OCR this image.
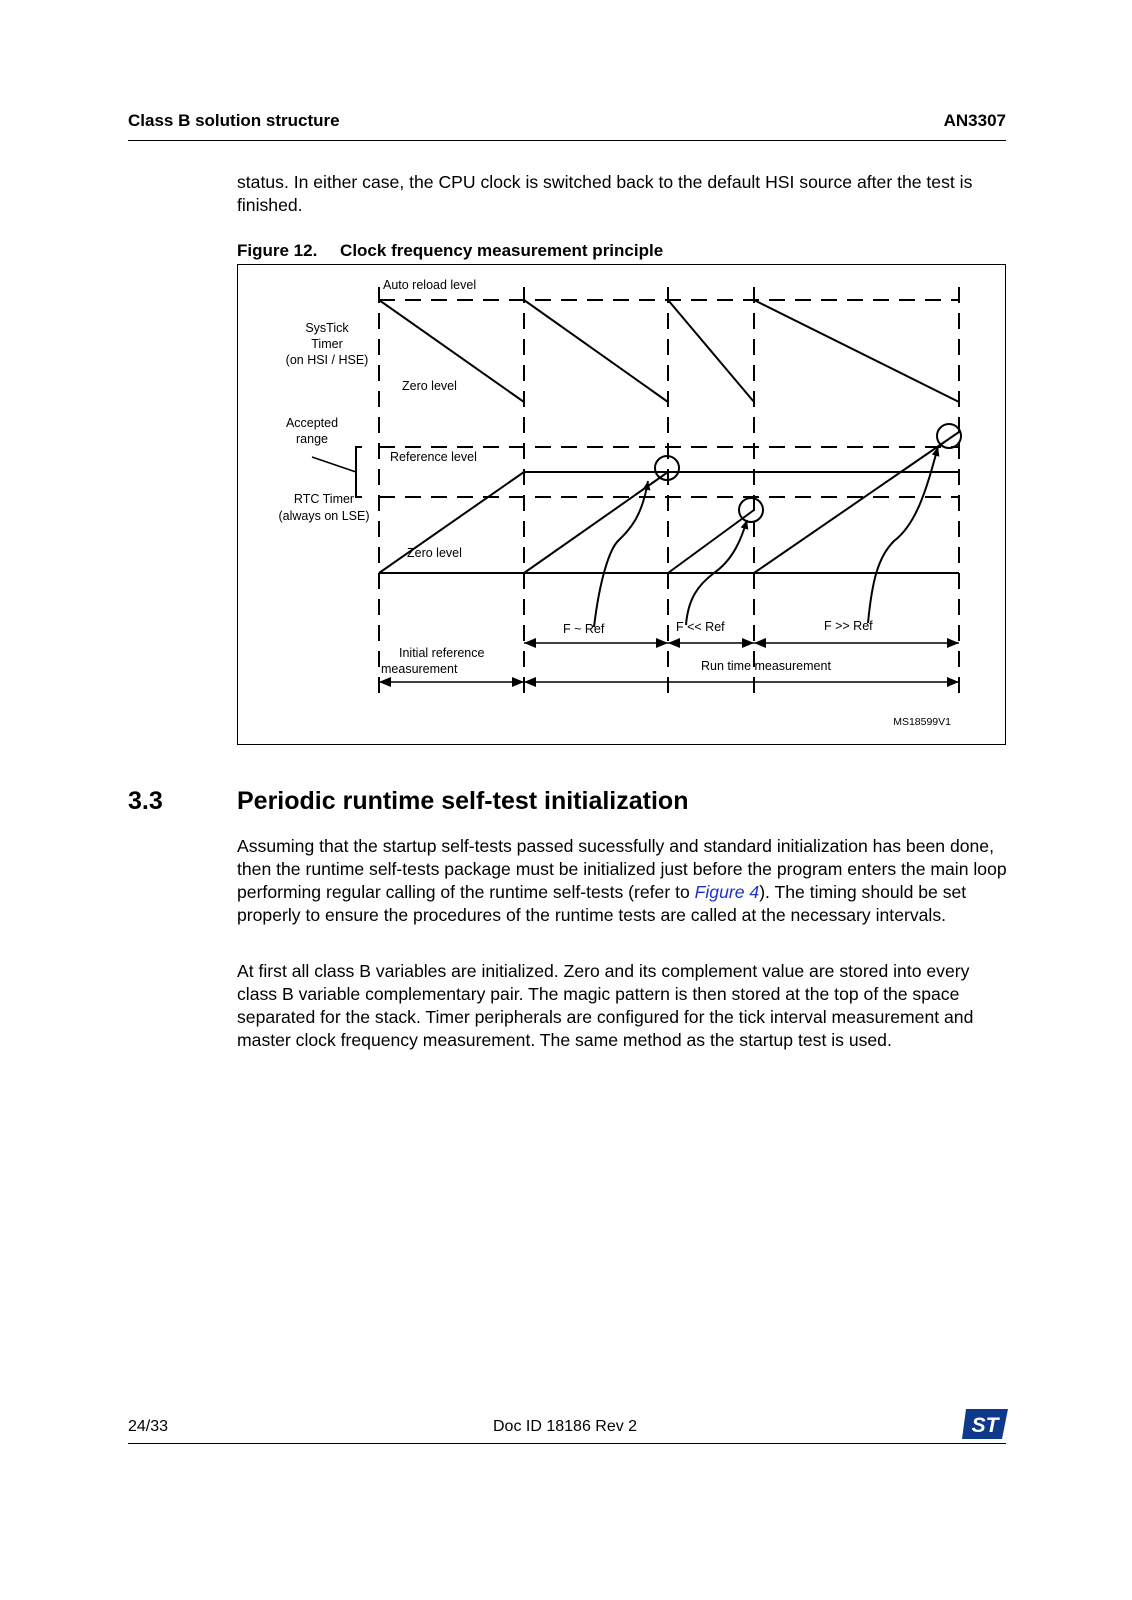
Class B solution structure	AN3307

status. In either case, the CPU clock is switched back to the default HSI source after the test is finished.

Figure 12. Clock frequency measurement principle
Auto reload level
SysTick
Timer
(on HSI / HSE)
Zero level
Accepted
range
Reference level
RTC Timer
(always on LSE)
Zero level
F ~ Ref	F << Ref	F >> Ref
Initial reference
measurement	Run time measurement
MS18599V1
3.3	Periodic runtime self-test initialization

Assuming that the startup self-tests passed sucessfully and standard initialization has been done, then the runtime self-tests package must be initialized just before the program enters the main loop performing regular calling of the runtime self-tests (refer to Figure 4). The timing should be set properly to ensure the procedures of the runtime tests are called at the necessary intervals.

At first all class B variables are initialized. Zero and its complement value are stored into every class B variable complementary pair. The magic pattern is then stored at the top of the space separated for the stack. Timer peripherals are configured for the tick interval measurement and master clock frequency measurement. The same method as the startup test is used.

24/33	Doc ID 18186 Rev 2	ST
